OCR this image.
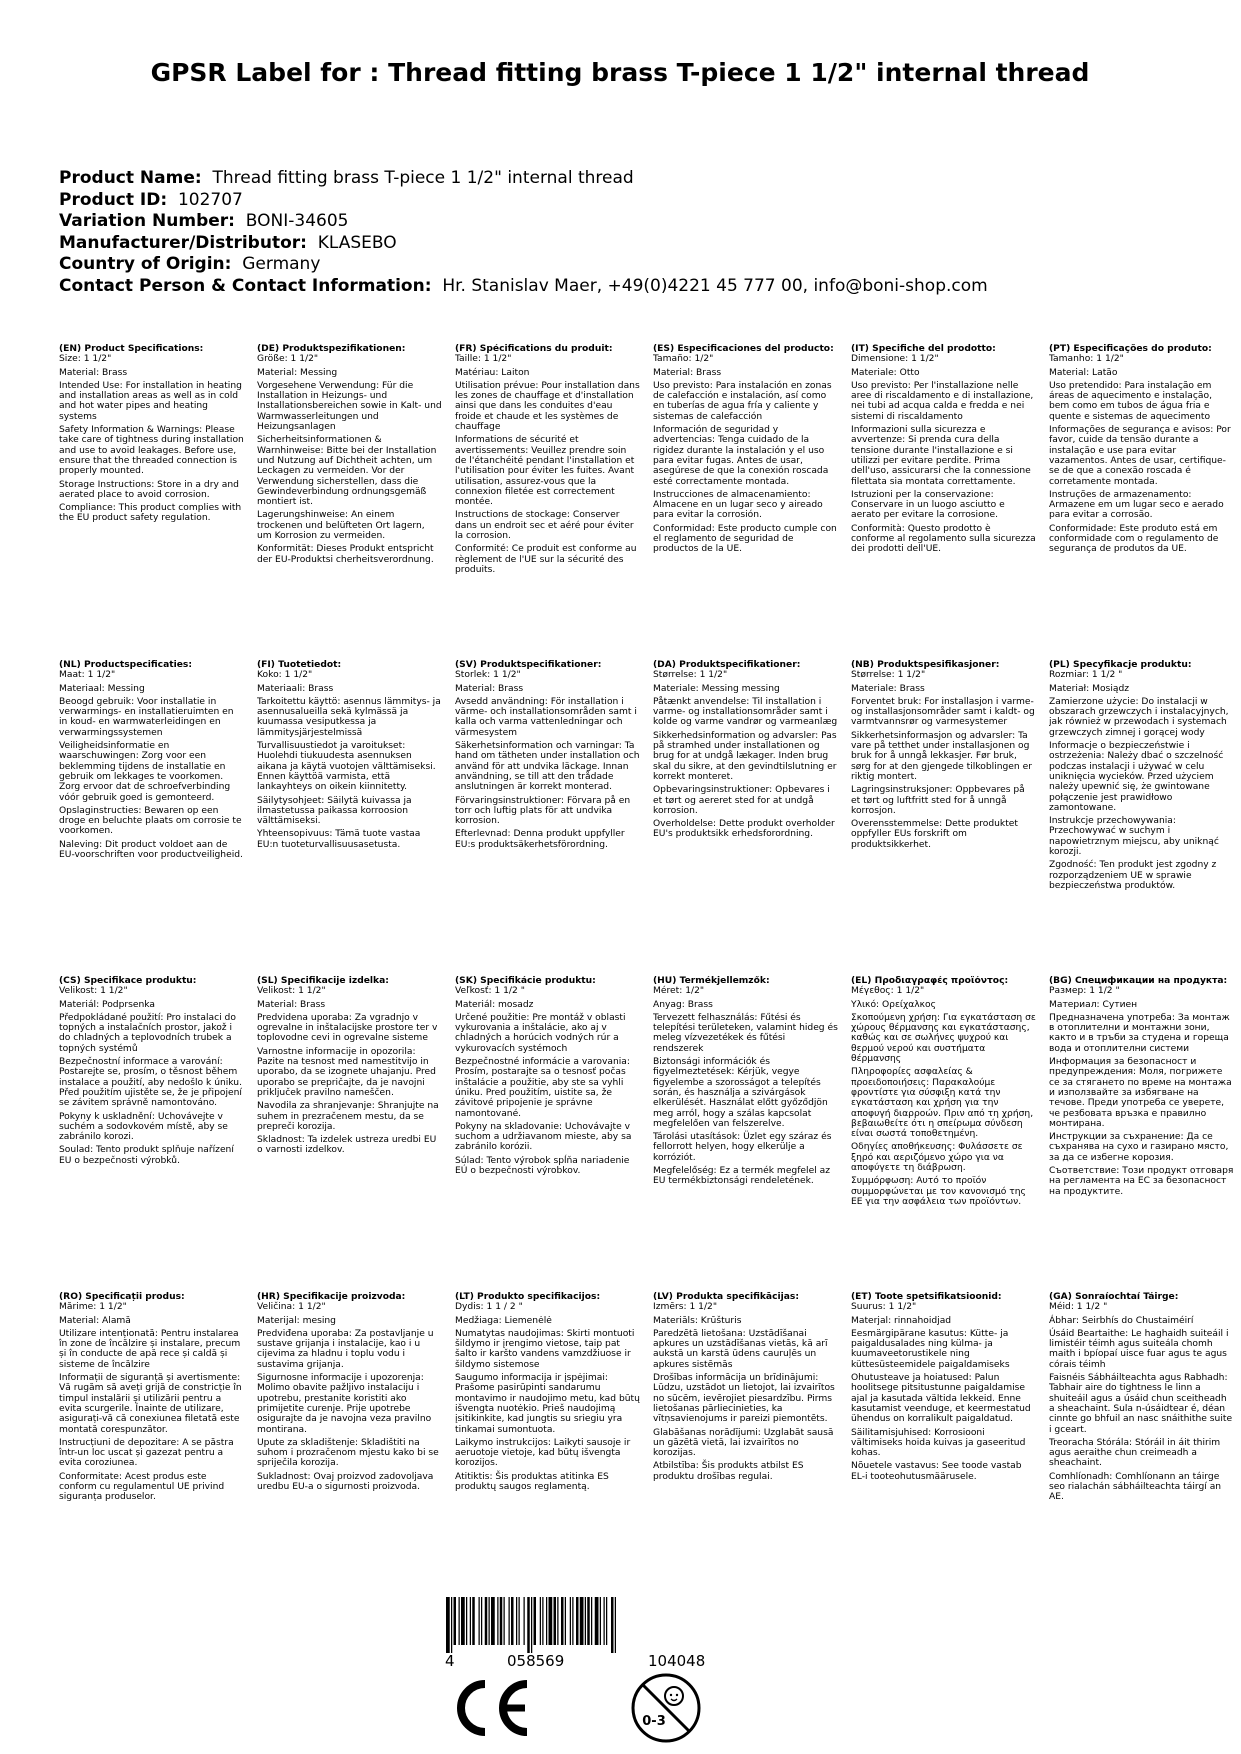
GPSR Label for : Thread fitting brass T-piece 1 1/2" internal thread
Product Name: Thread fitting brass T-piece 1 1/2" internal thread
Product ID: 102707
Variation Number: BONI-34605
Manufacturer/Distributor: KLASEBO
Country of Origin: Germany
Contact Person & Contact Information: Hr. Stanislav Maer, +49(0)4221 45 777 00, info@boni-shop.com

(EN) Product Specifications:

Size: 1 1/2"

Material: Brass

Intended Use: For installation in heating and installation areas as well as in cold and hot water pipes and heating systems

Safety Information & Warnings: Please take care of tightness during installation and use to avoid leakages. Before use, ensure that the threaded connection is properly mounted.

Storage Instructions: Store in a dry and aerated place to avoid corrosion.

Compliance: This product complies with the EU product safety regulation.

(DE) Produktspezifikationen:

Größe: 1 1/2"

Material: Messing

Vorgesehene Verwendung: Für die Installation in Heizungs- und Installationsbereichen sowie in Kalt- und Warmwasserleitungen und Heizungsanlagen

Sicherheitsinformationen & Warnhinweise: Bitte bei der Installation und Nutzung auf Dichtheit achten, um Leckagen zu vermeiden. Vor der Verwendung sicherstellen, dass die Gewindeverbindung ordnungsgemäß montiert ist.

Lagerungshinweise: An einem trockenen und belüfteten Ort lagern, um Korrosion zu vermeiden.

Konformität: Dieses Produkt entspricht der EU-Produktsi cherheitsverordnung.

(FR) Spécifications du produit:

Taille: 1 1/2"

Matériau: Laiton

Utilisation prévue: Pour installation dans les zones de chauffage et d'installation ainsi que dans les conduites d'eau froide et chaude et les systèmes de chauffage

Informations de sécurité et avertissements: Veuillez prendre soin de l'étanchéité pendant l'installation et l'utilisation pour éviter les fuites. Avant utilisation, assurez-vous que la connexion filetée est correctement montée.

Instructions de stockage: Conserver dans un endroit sec et aéré pour éviter la corrosion.

Conformité: Ce produit est conforme au règlement de l'UE sur la sécurité des produits.

(ES) Especificaciones del producto:

Tamaño: 1/2"

Material: Brass

Uso previsto: Para instalación en zonas de calefacción e instalación, así como en tuberías de agua fría y caliente y sistemas de calefacción

Información de seguridad y advertencias: Tenga cuidado de la rigidez durante la instalación y el uso para evitar fugas. Antes de usar, asegúrese de que la conexión roscada esté correctamente montada.

Instrucciones de almacenamiento: Almacene en un lugar seco y aireado para evitar la corrosión.

Conformidad: Este producto cumple con el reglamento de seguridad de productos de la UE.

(IT) Specifiche del prodotto:

Dimensione: 1 1/2"

Materiale: Otto

Uso previsto: Per l'installazione nelle aree di riscaldamento e di installazione, nei tubi ad acqua calda e fredda e nei sistemi di riscaldamento

Informazioni sulla sicurezza e avvertenze: Si prenda cura della tensione durante l'installazione e si utilizzi per evitare perdite. Prima dell'uso, assicurarsi che la connessione filettata sia montata correttamente.

Istruzioni per la conservazione: Conservare in un luogo asciutto e aerato per evitare la corrosione.

Conformità: Questo prodotto è conforme al regolamento sulla sicurezza dei prodotti dell'UE.

(PT) Especificações do produto:

Tamanho: 1 1/2"

Material: Latão

Uso pretendido: Para instalação em áreas de aquecimento e instalação, bem como em tubos de água fria e quente e sistemas de aquecimento

Informações de segurança e avisos: Por favor, cuide da tensão durante a instalação e use para evitar vazamentos. Antes de usar, certifique-se de que a conexão roscada é corretamente montada.

Instruções de armazenamento: Armazene em um lugar seco e aerado para evitar a corrosão.

Conformidade: Este produto está em conformidade com o regulamento de segurança de produtos da UE.

(NL) Productspecificaties:

Maat: 1 1/2"

Materiaal: Messing

Beoogd gebruik: Voor installatie in verwarmings- en installatieruimten en in koud- en warmwaterleidingen en verwarmingssystemen

Veiligheidsinformatie en waarschuwingen: Zorg voor een beklemming tijdens de installatie en gebruik om lekkages te voorkomen. Zorg ervoor dat de schroefverbinding vóór gebruik goed is gemonteerd.

Opslaginstructies: Bewaren op een droge en beluchte plaats om corrosie te voorkomen.

Naleving: Dit product voldoet aan de EU-voorschriften voor productveiligheid.

(FI) Tuotetiedot:

Koko: 1 1/2"

Materiaali: Brass

Tarkoitettu käyttö: asennus lämmitys- ja asennusalueilla sekä kylmässä ja kuumassa vesiputkessa ja lämmitysjärjestelmissä

Turvallisuustiedot ja varoitukset: Huolehdi tiukuudesta asennuksen aikana ja käytä vuotojen välttämiseksi. Ennen käyttöä varmista, että lankayhteys on oikein kiinnitetty.

Säilytysohjeet: Säilytä kuivassa ja ilmastetussa paikassa korroosion välttämiseksi.

Yhteensopivuus: Tämä tuote vastaa EU:n tuoteturvallisuusasetusta.

(SV) Produktspecifikationer:

Storlek: 1 1/2"

Material: Brass

Avsedd användning: För installation i värme- och installationsområden samt i kalla och varma vattenledningar och värmesystem

Säkerhetsinformation och varningar: Ta hand om tätheten under installation och använd för att undvika läckage. Innan användning, se till att den trådade anslutningen är korrekt monterad.

Förvaringsinstruktioner: Förvara på en torr och luftig plats för att undvika korrosion.

Efterlevnad: Denna produkt uppfyller EU:s produktsäkerhetsförordning.

(DA) Produktspecifikationer:

Størrelse: 1 1/2"

Materiale: Messing messing

Påtænkt anvendelse: Til installation i varme- og installationsområder samt i kolde og varme vandrør og varmeanlæg

Sikkerhedsinformation og advarsler: Pas på stramhed under installationen og brug for at undgå lækager. Inden brug skal du sikre, at den gevindtilslutning er korrekt monteret.

Opbevaringsinstruktioner: Opbevares i et tørt og aereret sted for at undgå korrosion.

Overholdelse: Dette produkt overholder EU's produktsikk erhedsforordning.

(NB) Produktspesifikasjoner:

Størrelse: 1 1/2"

Materiale: Brass

Forventet bruk: For installasjon i varme- og installasjonsområder samt i kaldt- og varmtvannsrør og varmesystemer

Sikkerhetsinformasjon og advarsler: Ta vare på tetthet under installasjonen og bruk for å unngå lekkasjer. Før bruk, sørg for at den gjengede tilkoblingen er riktig montert.

Lagringsinstruksjoner: Oppbevares på et tørt og luftfritt sted for å unngå korrosjon.

Overensstemmelse: Dette produktet oppfyller EUs forskrift om produktsikkerhet.

(PL) Specyfikacje produktu:

Rozmiar: 1 1/2 "

Materiał: Mosiądz

Zamierzone użycie: Do instalacji w obszarach grzewczych i instalacyjnych, jak również w przewodach i systemach grzewczych zimnej i gorącej wody

Informacje o bezpieczeństwie i ostrzeżenia: Należy dbać o szczelność podczas instalacji i używać w celu uniknięcia wycieków. Przed użyciem należy upewnić się, że gwintowane połączenie jest prawidłowo zamontowane.

Instrukcje przechowywania: Przechowywać w suchym i napowietrznym miejscu, aby uniknąć korozji.

Zgodność: Ten produkt jest zgodny z rozporządzeniem UE w sprawie bezpieczeństwa produktów.

(CS) Specifikace produktu:

Velikost: 1 1/2"

Materiál: Podprsenka

Předpokládané použití: Pro instalaci do topných a instalačních prostor, jakož i do chladných a teplovodních trubek a topných systémů

Bezpečnostní informace a varování: Postarejte se, prosím, o těsnost během instalace a použití, aby nedošlo k úniku. Před použitím ujistěte se, že je připojení se závitem správně namontováno.

Pokyny k uskladnění: Uchovávejte v suchém a sodovkovém místě, aby se zabránilo korozi.

Soulad: Tento produkt splňuje nařízení EU o bezpečnosti výrobků.

(SL) Specifikacije izdelka:

Velikost: 1 1/2"

Material: Brass

Predvidena uporaba: Za vgradnjo v ogrevalne in inštalacijske prostore ter v toplovodne cevi in ogrevalne sisteme

Varnostne informacije in opozorila: Pazite na tesnost med namestitvijo in uporabo, da se izognete uhajanju. Pred uporabo se prepričajte, da je navojni priključek pravilno nameščen.

Navodila za shranjevanje: Shranjujte na suhem in prezračenem mestu, da se prepreči korozija.

Skladnost: Ta izdelek ustreza uredbi EU o varnosti izdelkov.

(SK) Špecifikácie produktu:

Veľkosť: 1 1/2 "

Materiál: mosadz

Určené použitie: Pre montáž v oblasti vykurovania a inštalácie, ako aj v chladných a horúcich vodných rúr a vykurovacích systémoch

Bezpečnostné informácie a varovania: Prosím, postarajte sa o tesnosť počas inštalácie a použitie, aby ste sa vyhli úniku. Pred použitím, uistite sa, že závitové pripojenie je správne namontované.

Pokyny na skladovanie: Uchovávajte v suchom a udržiavanom mieste, aby sa zabránilo korózii.

Súlad: Tento výrobok spĺňa nariadenie EÚ o bezpečnosti výrobkov.

(HU) Termékjellemzők:

Méret: 1/2"

Anyag: Brass

Tervezett felhasználás: Fűtési és telepítési területeken, valamint hideg és meleg vízvezetékek és fűtési rendszerek

Biztonsági információk és figyelmeztetések: Kérjük, vegye figyelembe a szorosságot a telepítés során, és használja a szivárgások elkerülését. Használat előtt győződjön meg arról, hogy a szálas kapcsolat megfelelően van felszerelve.

Tárolási utasítások: Üzlet egy száraz és fellorrott helyen, hogy elkerülje a korróziót.

Megfelelőség: Ez a termék megfelel az EU termékbiztonsági rendeletének.

(EL) Προδιαγραφές προϊόντος:

Μέγεθος: 1 1/2"

Υλικό: Ορείχαλκος

Σκοπούμενη χρήση: Για εγκατάσταση σε χώρους θέρμανσης και εγκατάστασης, καθώς και σε σωλήνες ψυχρού και θερμού νερού και συστήματα θέρμανσης

Πληροφορίες ασφαλείας & προειδοποιήσεις: Παρακαλούμε φροντίστε για σύσφιξη κατά την εγκατάσταση και χρήση για την αποφυγή διαρροών. Πριν από τη χρήση, βεβαιωθείτε ότι η σπείρωμα σύνδεση είναι σωστά τοποθετημένη.

Οδηγίες αποθήκευσης: Φυλάσσετε σε ξηρό και αεριζόμενο χώρο για να αποφύγετε τη διάβρωση.

Συμμόρφωση: Αυτό το προϊόν συμμορφώνεται με τον κανονισμό της ΕΕ για την ασφάλεια των προϊόντων.

(BG) Спецификации на продукта:

Размер: 1 1/2 "

Материал: Сутиен

Предназначена употреба: За монтаж в отоплителни и монтажни зони, както и в тръби за студена и гореща вода и отоплителни системи

Информация за безопасност и предупреждения: Моля, погрижете се за стягането по време на монтажа и използвайте за избягване на течове. Преди употреба се уверете, че резбовата връзка е правилно монтирана.

Инструкции за съхранение: Да се съхранява на сухо и газирано място, за да се избегне корозия.

Съответствие: Този продукт отговаря на регламента на ЕС за безопасност на продуктите.

(RO) Specificații produs:

Mărime: 1 1/2"

Material: Alamă

Utilizare intenționată: Pentru instalarea în zone de încălzire și instalare, precum și în conducte de apă rece și caldă și sisteme de încălzire

Informații de siguranță și avertismente: Vă rugăm să aveți grijă de constricție în timpul instalării și utilizării pentru a evita scurgerile. Înainte de utilizare, asigurați-vă că conexiunea filetată este montată corespunzător.

Instrucțiuni de depozitare: A se păstra într-un loc uscat și gazezat pentru a evita coroziunea.

Conformitate: Acest produs este conform cu regulamentul UE privind siguranța produselor.

(HR) Specifikacije proizvoda:

Veličina: 1 1/2"

Materijal: mesing

Predviđena uporaba: Za postavljanje u sustave grijanja i instalacije, kao i u cijevima za hladnu i toplu vodu i sustavima grijanja.

Sigurnosne informacije i upozorenja: Molimo obavite pažljivo instalaciju i upotrebu, prestanite koristiti ako primijetite curenje. Prije upotrebe osigurajte da je navojna veza pravilno montirana.

Upute za skladištenje: Skladištiti na suhom i prozračenom mjestu kako bi se spriječila korozija.

Sukladnost: Ovaj proizvod zadovoljava uredbu EU-a o sigurnosti proizvoda.

(LT) Produkto specifikacijos:

Dydis: 1 1 / 2 "

Medžiaga: Liemenėlė

Numatytas naudojimas: Skirti montuoti šildymo ir įrengimo vietose, taip pat šalto ir karšto vandens vamzdžiuose ir šildymo sistemose

Saugumo informacija ir įspėjimai: Prašome pasirūpinti sandarumu montavimo ir naudojimo metu, kad būtų išvengta nuotėkio. Prieš naudojimą įsitikinkite, kad jungtis su sriegiu yra tinkamai sumontuota.

Laikymo instrukcijos: Laikyti sausoje ir aeruotoje vietoje, kad būtų išvengta korozijos.

Atitiktis: Šis produktas atitinka ES produktų saugos reglamentą.

(LV) Produkta specifikācijas:

Izmērs: 1 1/2"

Materiāls: Krūšturis

Paredzētā lietošana: Uzstādīšanai apkures un uzstādīšanas vietās, kā arī aukstā un karstā ūdens cauruļēs un apkures sistēmās

Drošības informācija un brīdinājumi: Lūdzu, uzstādot un lietojot, lai izvairītos no sūcēm, ievērojiet piesardzību. Pirms lietošanas pārliecinieties, ka vītņsavienojums ir pareizi piemontēts.

Glabāšanas norādījumi: Uzglabāt sausā un gāzētā vietā, lai izvairītos no korozijas.

Atbilstība: Šis produkts atbilst ES produktu drošības regulai.

(ET) Toote spetsifikatsioonid:

Suurus: 1 1/2"

Materjal: rinnahoidjad

Eesmärgipärane kasutus: Kütte- ja paigaldusalades ning külma- ja kuumaveetorustikele ning küttesüsteemidele paigaldamiseks

Ohutusteave ja hoiatused: Palun hoolitsege pitsitustunne paigaldamise ajal ja kasutada vältida lekkeid. Enne kasutamist veenduge, et keermestatud ühendus on korralikult paigaldatud.

Säilitamisjuhised: Korrosiooni vältimiseks hoida kuivas ja gaseeritud kohas.

Nõuetele vastavus: See toode vastab EL-i tooteohutusmäärusele.

(GA) Sonraíochtaí Táirge:

Méid: 1 1/2 "

Ábhar: Seirbhís do Chustaiméirí

Úsáid Beartaithe: Le haghaidh suiteáil i limistéir téimh agus suiteála chomh maith i bpíopaí uisce fuar agus te agus córais téimh

Faisnéis Sábháilteachta agus Rabhadh: Tabhair aire do tightness le linn a shuiteáil agus a úsáid chun sceitheadh a sheachaint. Sula n-úsáidtear é, déan cinnte go bhfuil an nasc snáithithe suite i gceart.

Treoracha Stórála: Stóráil in áit thirim agus aeraithe chun creimeadh a sheachaint.

Comhlíonadh: Comhlíonann an táirge seo rialachán sábháilteachta táirgí an AE.

4	058569	104048
0-3
